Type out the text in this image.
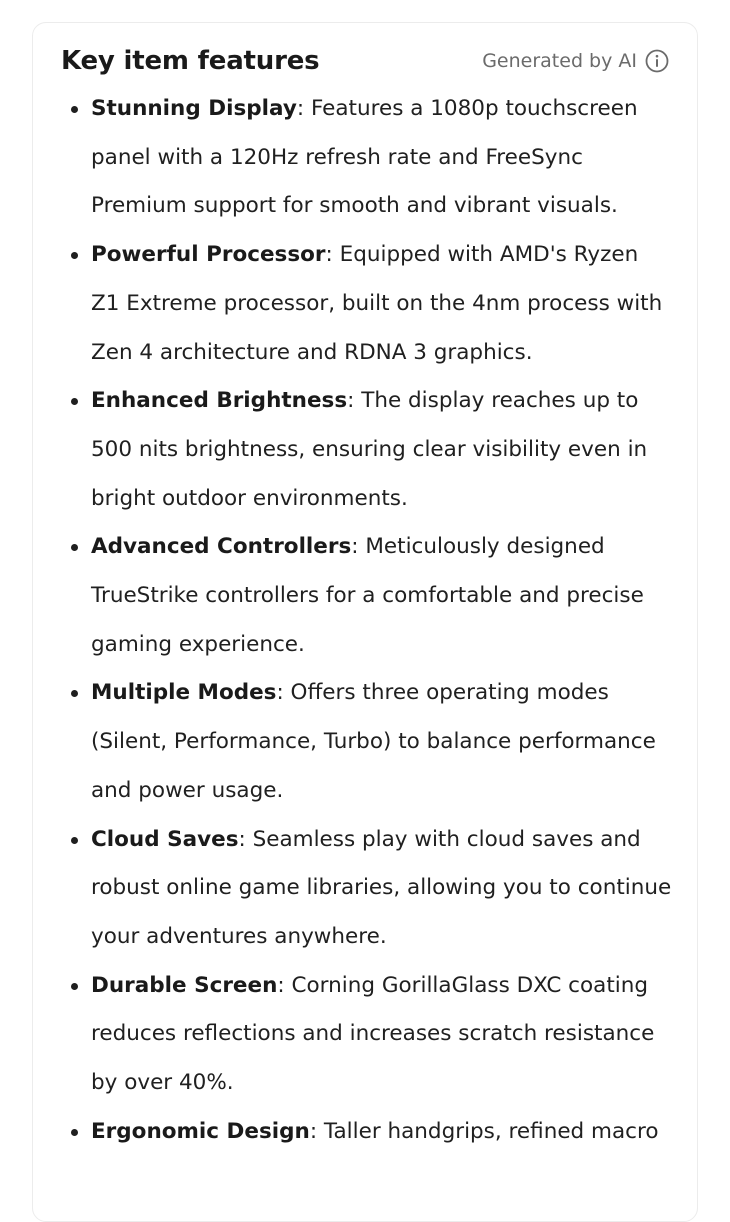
Key item features	Generated by AI
Stunning Display: Features a 1080p touchscreen panel with a 120Hz refresh rate and FreeSync Premium support for smooth and vibrant visuals.
Powerful Processor: Equipped with AMD's Ryzen Z1 Extreme processor, built on the 4nm process with Zen 4 architecture and RDNA 3 graphics.
Enhanced Brightness: The display reaches up to 500 nits brightness, ensuring clear visibility even in bright outdoor environments.
Advanced Controllers: Meticulously designed TrueStrike controllers for a comfortable and precise gaming experience.
Multiple Modes: Offers three operating modes (Silent, Performance, Turbo) to balance performance and power usage.
Cloud Saves: Seamless play with cloud saves and robust online game libraries, allowing you to continue your adventures anywhere.
Durable Screen: Corning GorillaGlass DXC coating reduces reflections and increases scratch resistance by over 40%.
Ergonomic Design: Taller handgrips, refined macro
